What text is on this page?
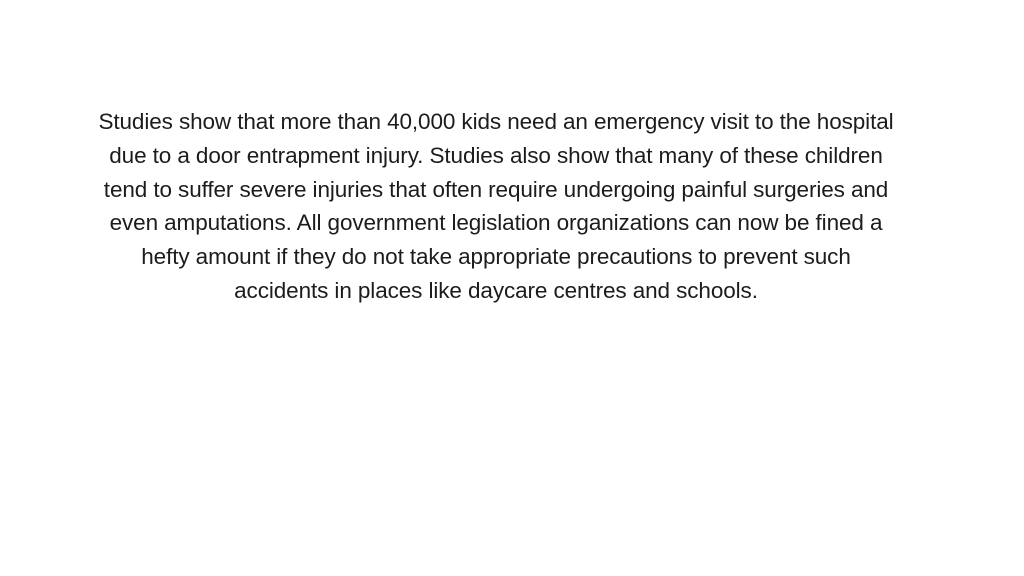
Studies show that more than 40,000 kids need an emergency visit to the hospital
due to a door entrapment injury. Studies also show that many of these children
tend to suffer severe injuries that often require undergoing painful surgeries and
even amputations. All government legislation organizations can now be fined a
hefty amount if they do not take appropriate precautions to prevent such
accidents in places like daycare centres and schools.
